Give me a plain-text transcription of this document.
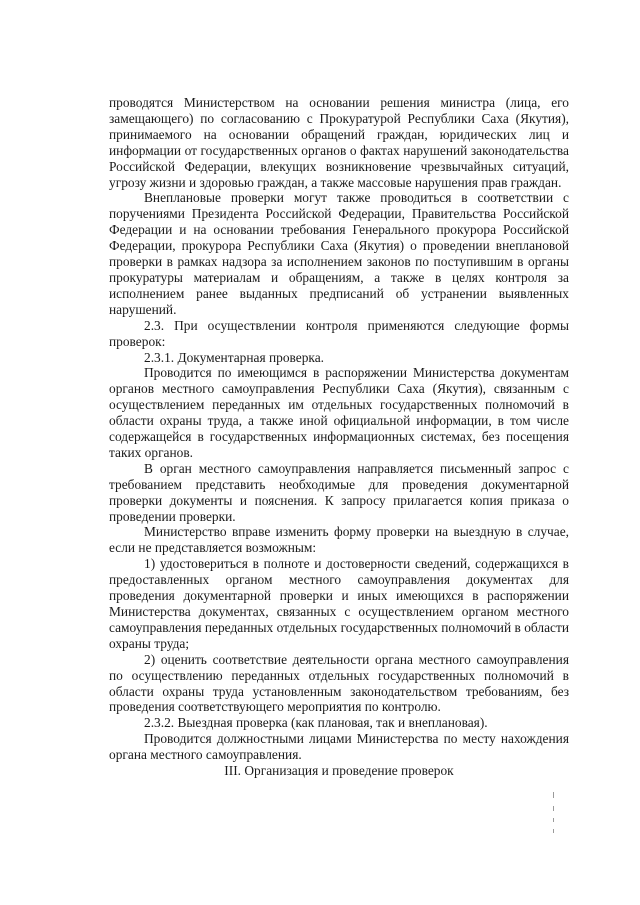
проводятся Министерством на основании решения министра (лица, его замещающего) по согласованию с Прокуратурой Республики Саха (Якутия), принимаемого на основании обращений граждан, юридических лиц и информации от государственных органов о фактах нарушений законодательства Российской Федерации, влекущих возникновение чрезвычайных ситуаций, угрозу жизни и здоровью граждан, а также массовые нарушения прав граждан.

Внеплановые проверки могут также проводиться в соответствии с поручениями Президента Российской Федерации, Правительства Российской Федерации и на основании требования Генерального прокурора Российской Федерации, прокурора Республики Саха (Якутия) о проведении внеплановой проверки в рамках надзора за исполнением законов по поступившим в органы прокуратуры материалам и обращениям, а также в целях контроля за исполнением ранее выданных предписаний об устранении выявленных нарушений.

2.3. При осуществлении контроля применяются следующие формы проверок:

2.3.1. Документарная проверка.

Проводится по имеющимся в распоряжении Министерства документам органов местного самоуправления Республики Саха (Якутия), связанным с осуществлением переданных им отдельных государственных полномочий в области охраны труда, а также иной официальной информации, в том числе содержащейся в государственных информационных системах, без посещения таких органов.

В орган местного самоуправления направляется письменный запрос с требованием представить необходимые для проведения документарной проверки документы и пояснения. К запросу прилагается копия приказа о проведении проверки.

Министерство вправе изменить форму проверки на выездную в случае, если не представляется возможным:

1) удостовериться в полноте и достоверности сведений, содержащихся в предоставленных органом местного самоуправления документах для проведения документарной проверки и иных имеющихся в распоряжении Министерства документах, связанных с осуществлением органом местного самоуправления переданных отдельных государственных полномочий в области охраны труда;

2) оценить соответствие деятельности органа местного самоуправления по осуществлению переданных отдельных государственных полномочий в области охраны труда установленным законодательством требованиям, без проведения соответствующего мероприятия по контролю.

2.3.2. Выездная проверка (как плановая, так и внеплановая).

Проводится должностными лицами Министерства по месту нахождения органа местного самоуправления.

III. Организация и проведение проверок
